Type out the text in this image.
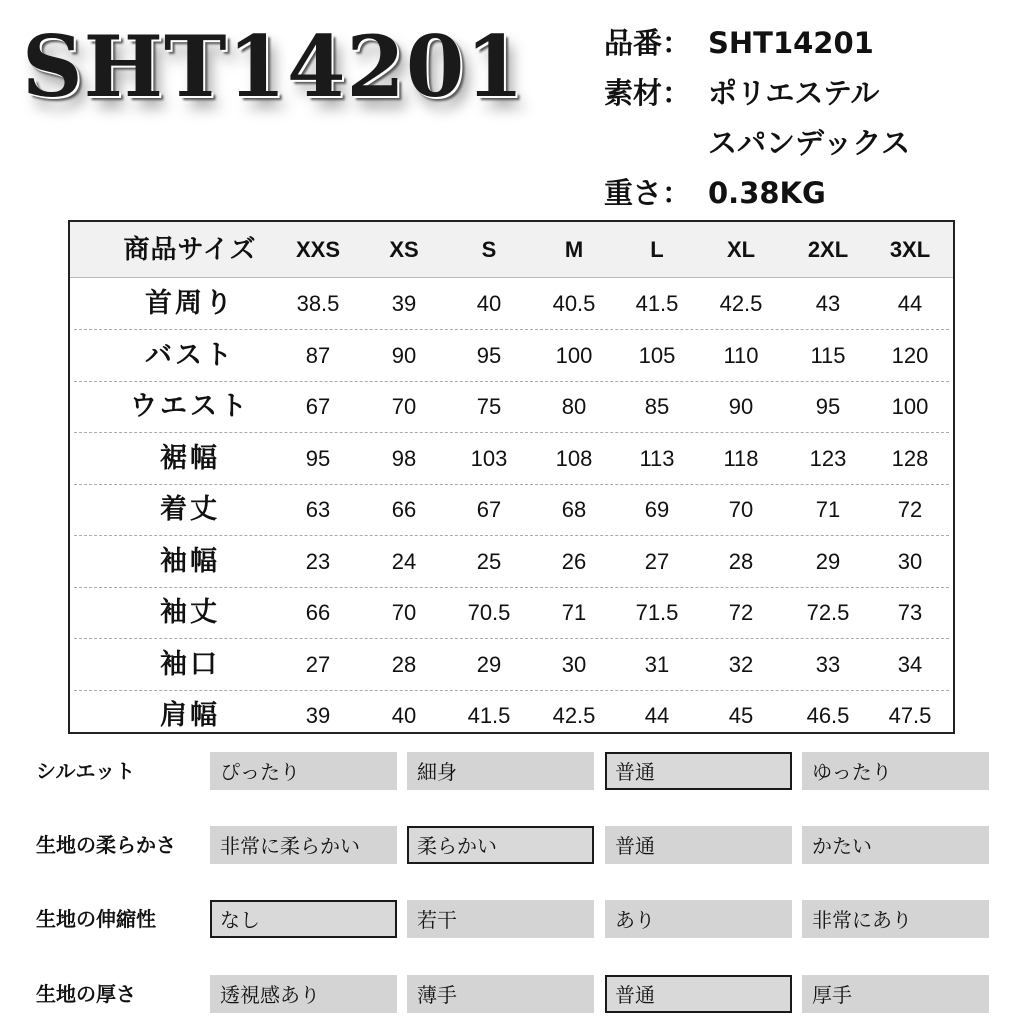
SHT14201	品番： SHT14201
素材： ポリエステル
スパンデックス
重さ： 0.38KG
商品サイズ	XXS	XS	S	M	L	XL	2XL	3XL
首周り	38.5	39	40	40.5	41.5	42.5	43	44
バスト	87	90	95	100	105	110	115	120
ウエスト	67	70	75	80	85	90	95	100
裾幅	95	98	103	108	113	118	123	128
着丈	63	66	67	68	69	70	71	72
袖幅	23	24	25	26	27	28	29	30
袖丈	66	70	70.5	71	71.5	72	72.5	73
袖口	27	28	29	30	31	32	33	34
肩幅	39	40	41.5	42.5	44	45	46.5	47.5
シルエット	ぴったり	細身	普通	ゆったり
生地の柔らかさ	非常に柔らかい	柔らかい	普通	かたい
生地の伸縮性	なし	若干	あり	非常にあり
生地の厚さ	透視感あり	薄手	普通	厚手
